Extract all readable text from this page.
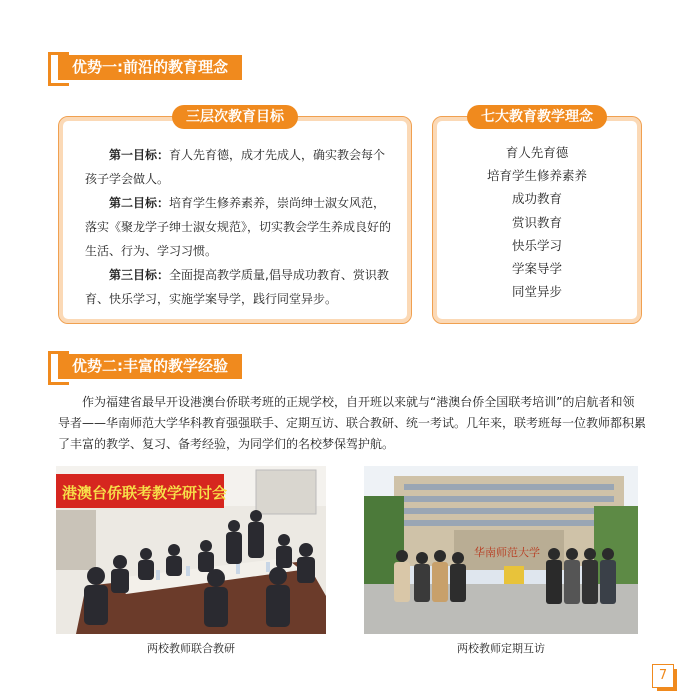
优势一:前沿的教育理念
三层次教育目标

第一目标：育人先育德，成才先成人，确实教会每个孩子学会做人。

第二目标：培育学生修养素养，崇尚绅士淑女风范，落实《聚龙学子绅士淑女规范》，切实教会学生养成良好的生活、行为、学习习惯。

第三目标：全面提高教学质量,倡导成功教育、赏识教育、快乐学习，实施学案导学，践行同堂异步。

七大教育教学理念
育人先育德
培育学生修养素养
成功教育
赏识教育
快乐学习
学案导学
同堂异步
优势二:丰富的教学经验

作为福建省最早开设港澳台侨联考班的正规学校，自开班以来就与“港澳台侨全国联考培训”的启航者和领导者——华南师范大学华科教育强强联手、定期互访、联合教研、统一考试。几年来，联考班每一位教师都积累了丰富的教学、复习、备考经验，为同学们的名校梦保驾护航。

港澳台侨联考教学研讨会
两校教师联合教研
华南师范大学
两校教师定期互访
7
